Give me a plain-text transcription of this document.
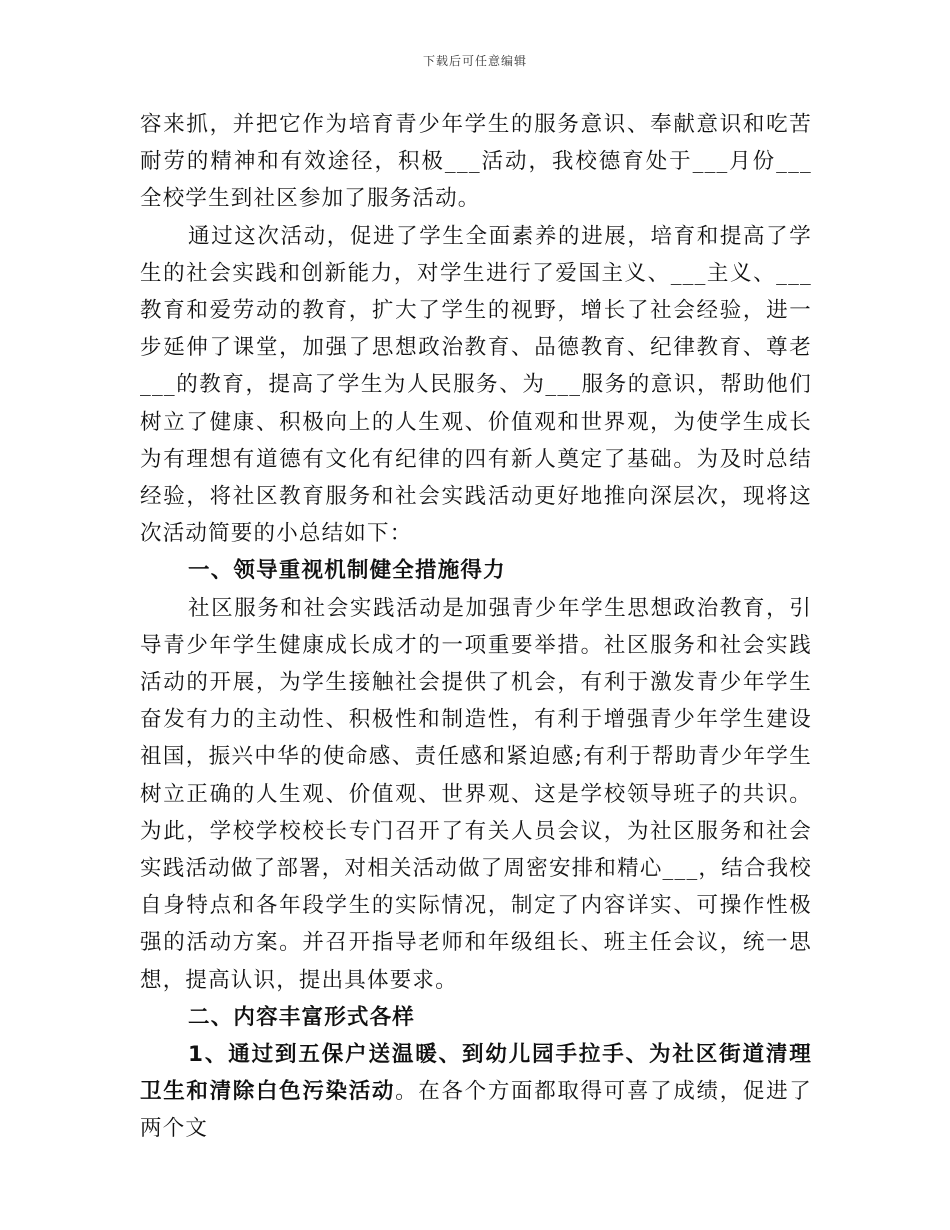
下载后可任意编辑

容来抓，并把它作为培育青少年学生的服务意识、奉献意识和吃苦耐劳的精神和有效途径，积极___活动，我校德育处于___月份___全校学生到社区参加了服务活动。

通过这次活动，促进了学生全面素养的进展，培育和提高了学生的社会实践和创新能力，对学生进行了爱国主义、___主义、___教育和爱劳动的教育，扩大了学生的视野，增长了社会经验，进一步延伸了课堂，加强了思想政治教育、品德教育、纪律教育、尊老___的教育，提高了学生为人民服务、为___服务的意识，帮助他们树立了健康、积极向上的人生观、价值观和世界观，为使学生成长为有理想有道德有文化有纪律的四有新人奠定了基础。为及时总结经验，将社区教育服务和社会实践活动更好地推向深层次，现将这次活动简要的小总结如下：

一、领导重视机制健全措施得力

社区服务和社会实践活动是加强青少年学生思想政治教育，引导青少年学生健康成长成才的一项重要举措。社区服务和社会实践活动的开展，为学生接触社会提供了机会，有利于激发青少年学生奋发有力的主动性、积极性和制造性，有利于增强青少年学生建设祖国，振兴中华的使命感、责任感和紧迫感;有利于帮助青少年学生树立正确的人生观、价值观、世界观、这是学校领导班子的共识。为此，学校学校校长专门召开了有关人员会议，为社区服务和社会实践活动做了部署，对相关活动做了周密安排和精心___，结合我校自身特点和各年段学生的实际情况，制定了内容详实、可操作性极强的活动方案。并召开指导老师和年级组长、班主任会议，统一思想，提高认识，提出具体要求。

二、内容丰富形式各样

1、通过到五保户送温暖、到幼儿园手拉手、为社区街道清理卫生和清除白色污染活动。在各个方面都取得可喜了成绩，促进了两个文
